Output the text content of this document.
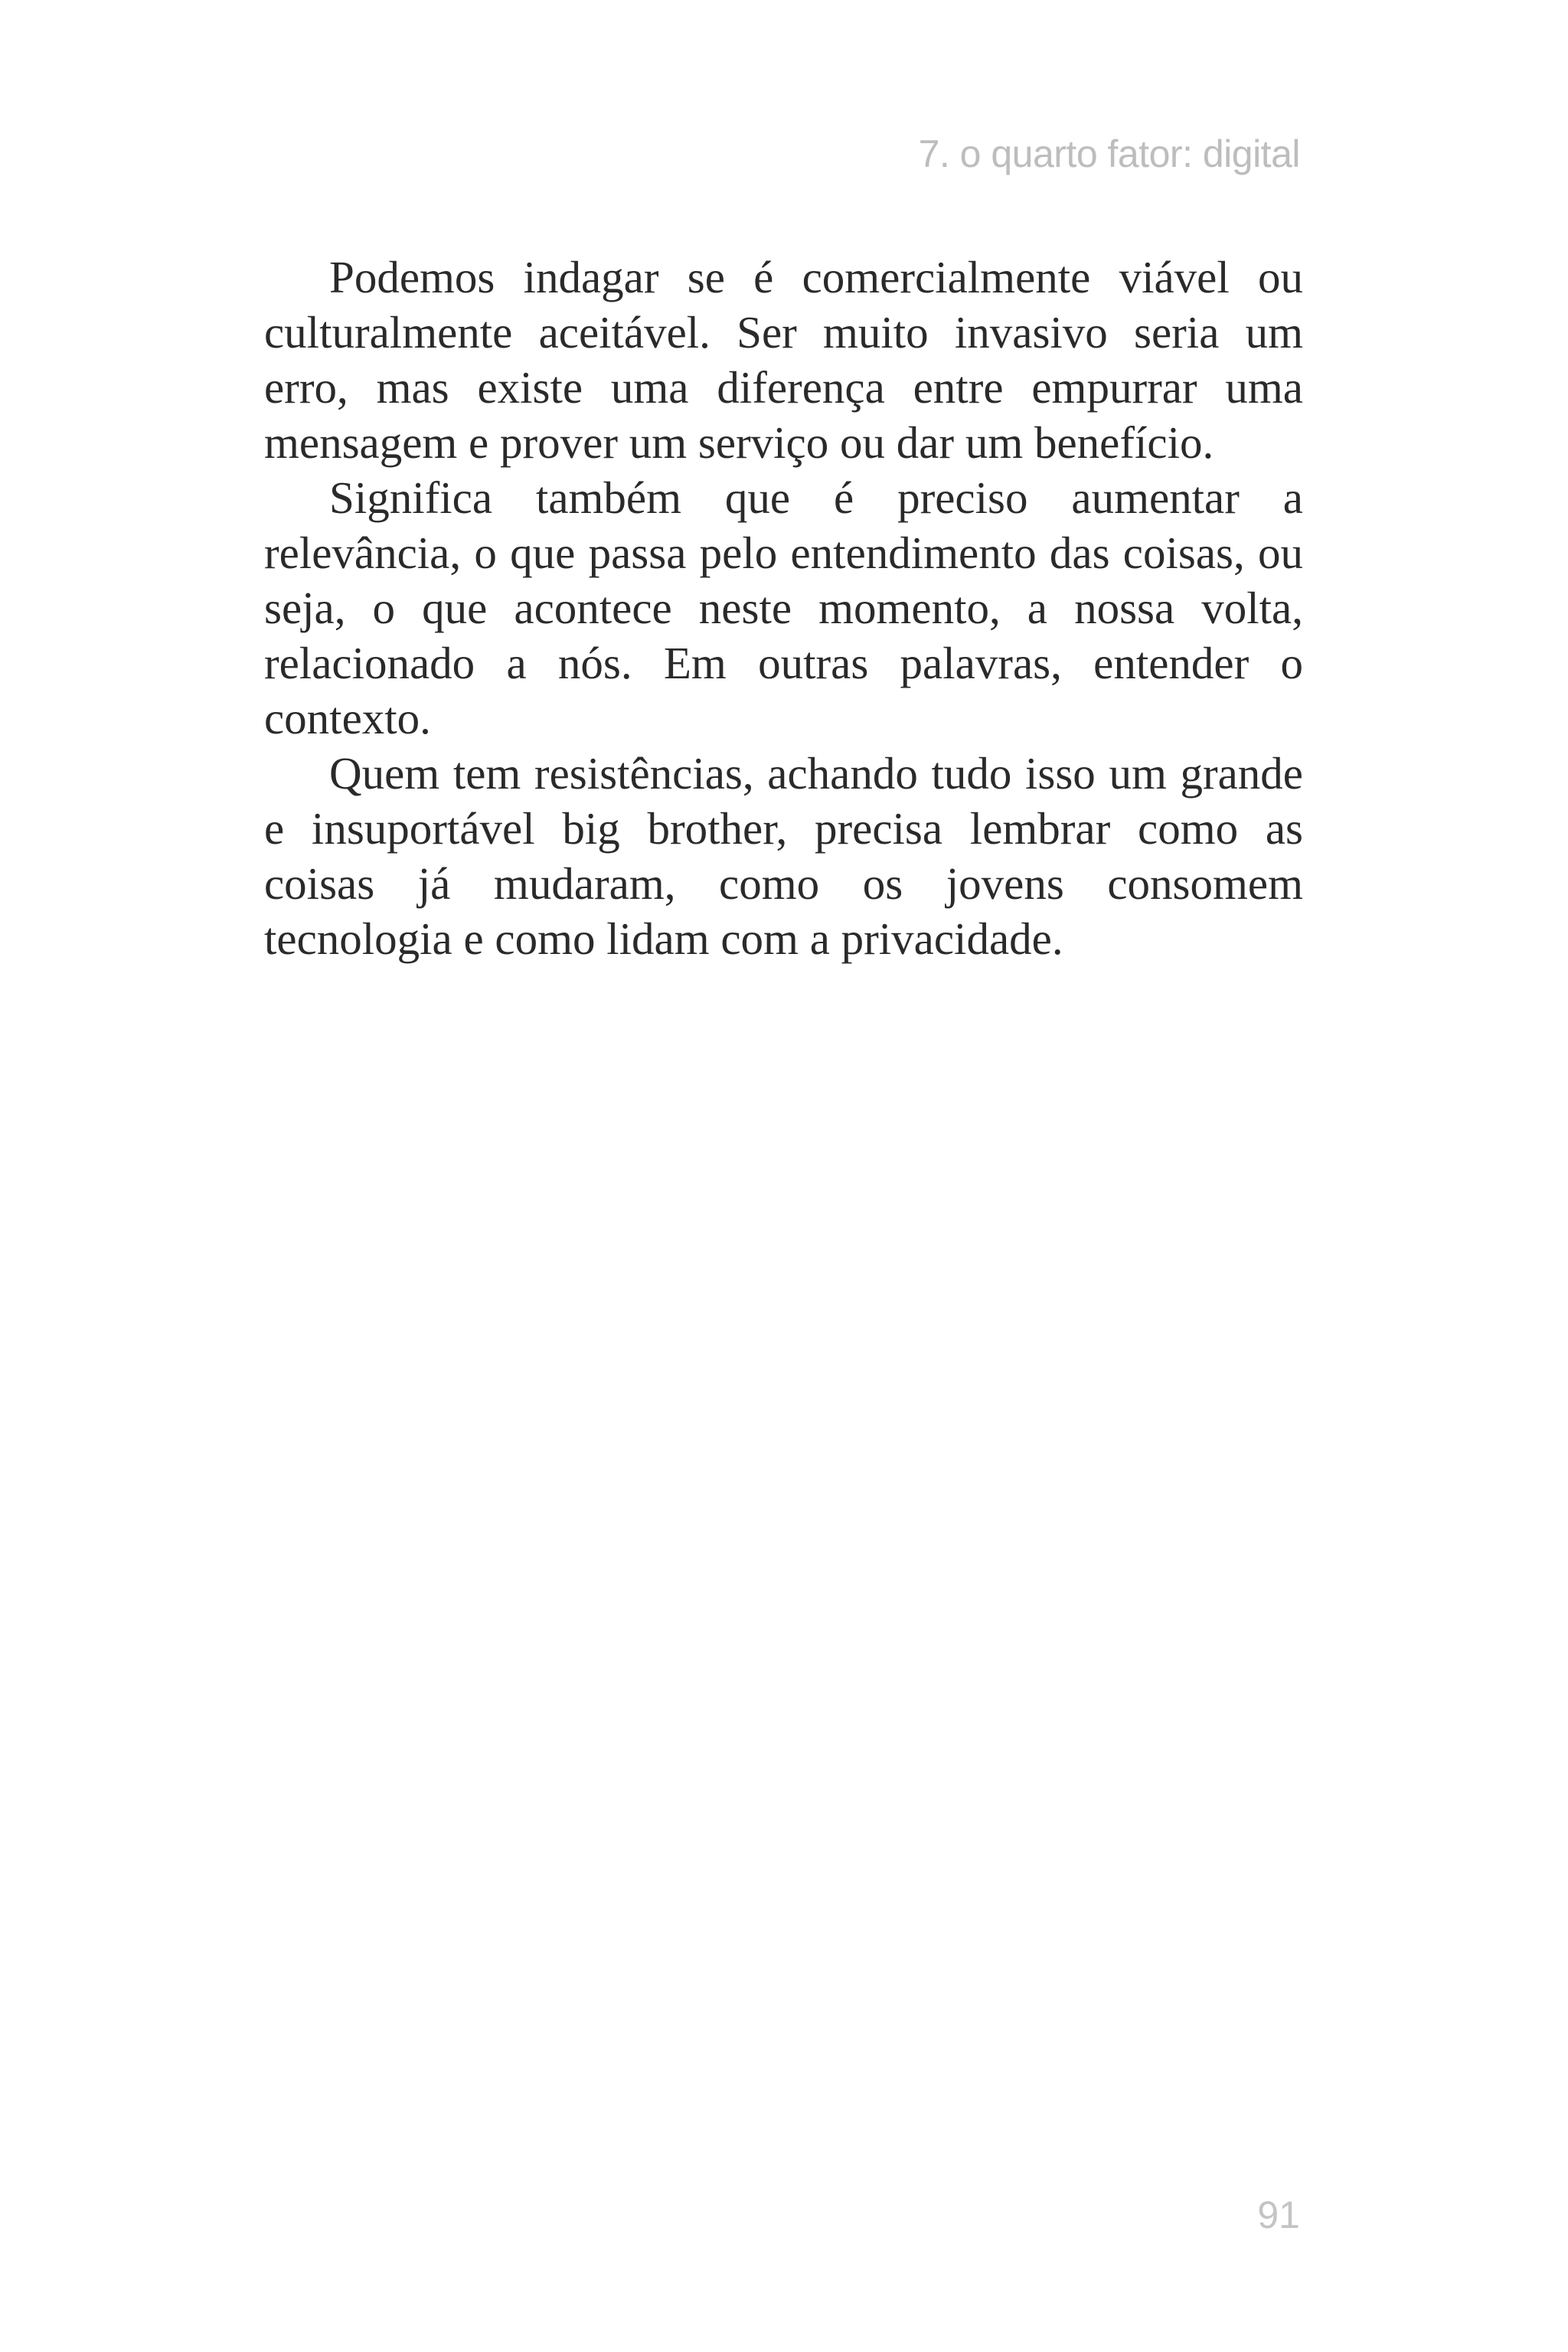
7. o quarto fator: digital

Podemos indagar se é comercialmente viável ou culturalmente aceitável. Ser muito invasivo seria um erro, mas existe uma diferença entre empurrar uma mensagem e prover um serviço ou dar um benefício.

Significa também que é preciso aumentar a relevância, o que passa pelo entendimento das coisas, ou seja, o que acontece neste momento, a nossa volta, relacionado a nós. Em outras palavras, entender o contexto.

Quem tem resistências, achando tudo isso um grande e insuportável big brother, precisa lembrar como as coisas já mudaram, como os jovens consomem tecnologia e como lidam com a privacidade.

91
